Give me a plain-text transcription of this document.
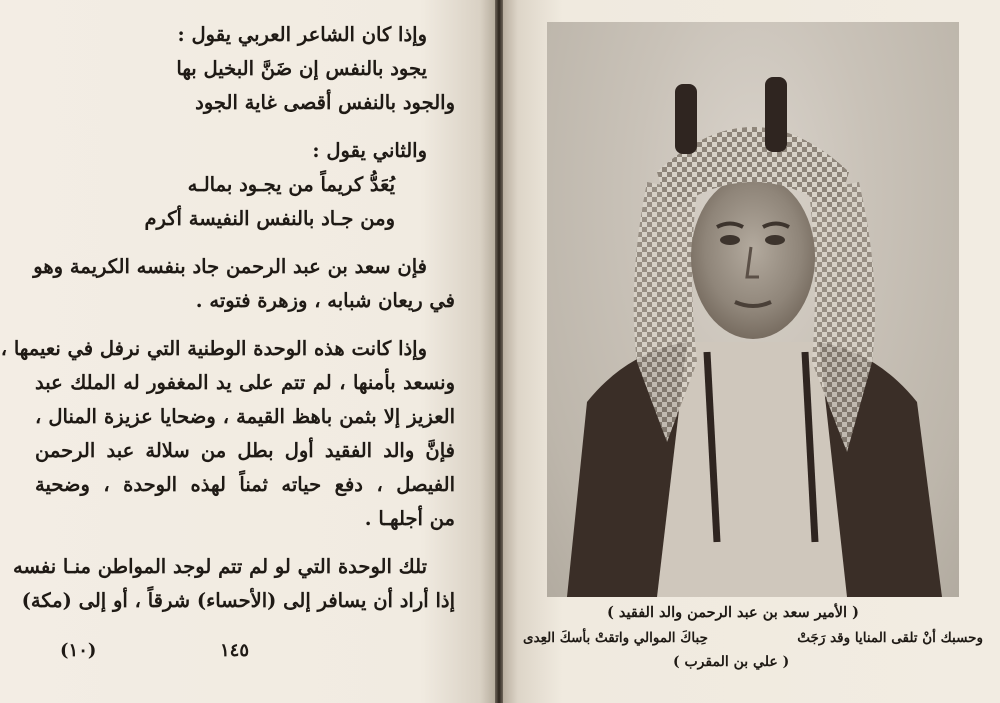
وإذا كان الشاعر العربي يقول :
يجود بالنفس إن ضَنَّ البخيل بها
والجود بالنفس أقصى غاية الجود
والثاني يقول :
يُعَدُّ كريماً من يجـود بمالـه
ومن جـاد بالنفس النفيسة أكرم
فإن سعد بن عبد الرحمن جاد بنفسه الكريمة وهو
في ريعان شبابه ، وزهرة فتوته .
وإذا كانت هذه الوحدة الوطنية التي نرفل في نعيمها ،
ونسعد بأمنها ، لم تتم على يد المغفور له الملك عبد
العزيز إلا بثمن باهظ القيمة ، وضحايا عزيزة المنال ،
فإنَّ والد الفقيد أول بطل من سلالة عبد الرحمن
الفيصل ، دفع حياته ثمناً لهذه الوحدة ، وضحية
من أجلهـا .
تلك الوحدة التي لو لم تتم لوجد المواطن منـا نفسه
إذا أراد أن يسافر إلى (الأحساء) شرقاً ، أو إلى (مكة)
(١٠)	١٤٥
( الأمير سعد بن عبد الرحمن والد الفقيد )
وحسبك أنْ تلقى المنايا وقد رَجَتْ
حِباكَ الموالي واتقتْ بأسكَ العِدى
( علي بن المقرب )
